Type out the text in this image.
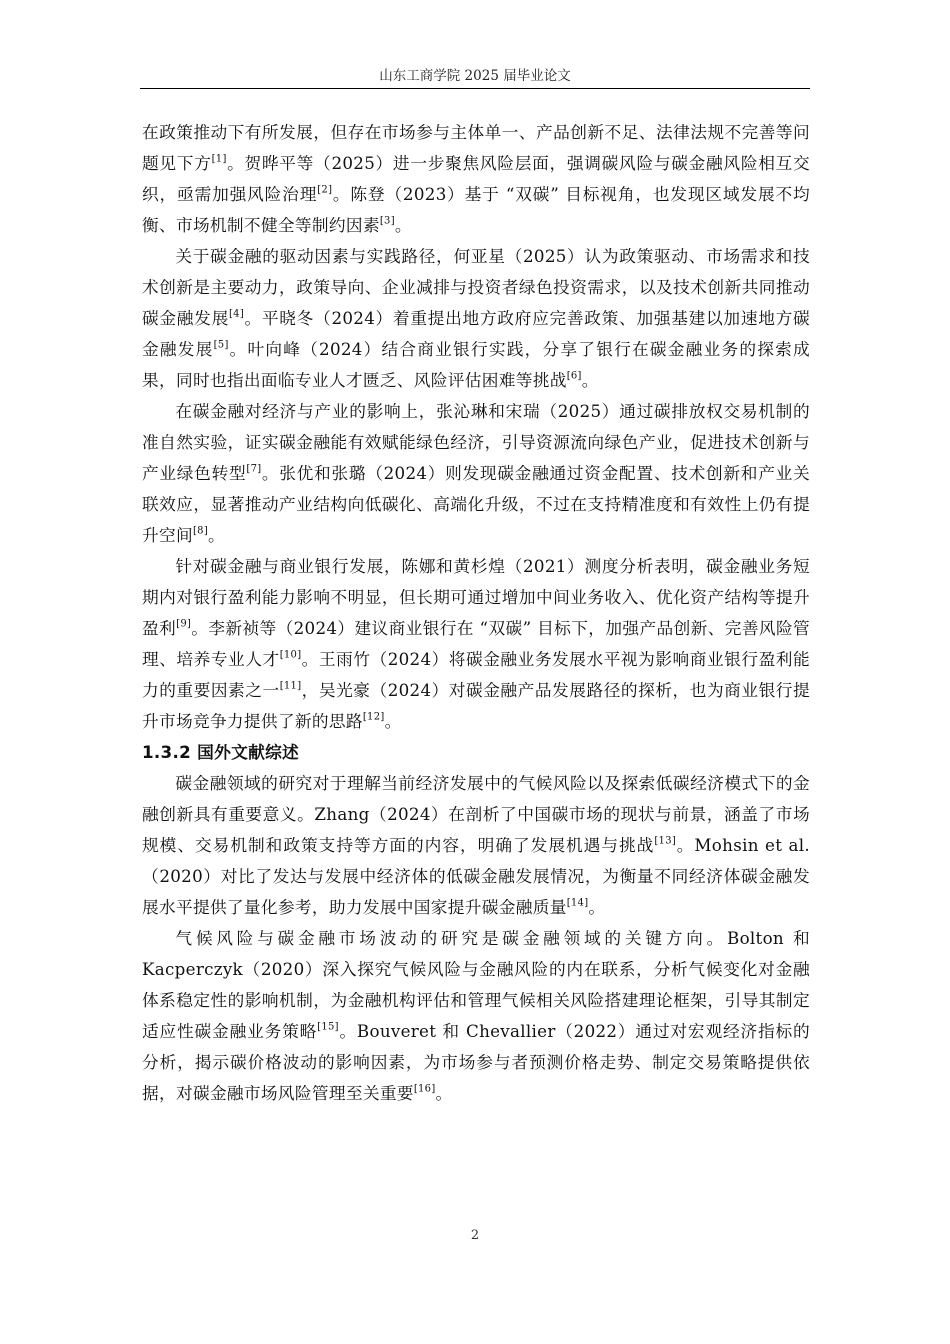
山东工商学院 2025 届毕业论文

在政策推动下有所发展，但存在市场参与主体单一、产品创新不足、法律法规不完善等问题见下方[1]。贺晔平等（2025）进一步聚焦风险层面，强调碳风险与碳金融风险相互交织，亟需加强风险治理[2]。陈登（2023）基于 “双碳” 目标视角，也发现区域发展不均衡、市场机制不健全等制约因素[3]。

关于碳金融的驱动因素与实践路径，何亚星（2025）认为政策驱动、市场需求和技术创新是主要动力，政策导向、企业减排与投资者绿色投资需求，以及技术创新共同推动碳金融发展[4]。平晓冬（2024）着重提出地方政府应完善政策、加强基建以加速地方碳金融发展[5]。叶向峰（2024）结合商业银行实践，分享了银行在碳金融业务的探索成果，同时也指出面临专业人才匮乏、风险评估困难等挑战[6]。

在碳金融对经济与产业的影响上，张沁琳和宋瑞（2025）通过碳排放权交易机制的准自然实验，证实碳金融能有效赋能绿色经济，引导资源流向绿色产业，促进技术创新与产业绿色转型[7]。张优和张璐（2024）则发现碳金融通过资金配置、技术创新和产业关联效应，显著推动产业结构向低碳化、高端化升级，不过在支持精准度和有效性上仍有提升空间[8]。

针对碳金融与商业银行发展，陈娜和黄杉煌（2021）测度分析表明，碳金融业务短期内对银行盈利能力影响不明显，但长期可通过增加中间业务收入、优化资产结构等提升盈利[9]。李新祯等（2024）建议商业银行在 “双碳” 目标下，加强产品创新、完善风险管理、培养专业人才[10]。王雨竹（2024）将碳金融业务发展水平视为影响商业银行盈利能力的重要因素之一[11]，吴光豪（2024）对碳金融产品发展路径的探析，也为商业银行提升市场竞争力提供了新的思路[12]。

1.3.2 国外文献综述

碳金融领域的研究对于理解当前经济发展中的气候风险以及探索低碳经济模式下的金融创新具有重要意义。Zhang（2024）在剖析了中国碳市场的现状与前景，涵盖了市场规模、交易机制和政策支持等方面的内容，明确了发展机遇与挑战[13]。Mohsin et al.（2020）对比了发达与发展中经济体的低碳金融发展情况，为衡量不同经济体碳金融发展水平提供了量化参考，助力发展中国家提升碳金融质量[14]。

气候风险与碳金融市场波动的研究是碳金融领域的关键方向。Bolton 和 Kacperczyk（2020）深入探究气候风险与金融风险的内在联系，分析气候变化对金融体系稳定性的影响机制，为金融机构评估和管理气候相关风险搭建理论框架，引导其制定适应性碳金融业务策略[15]。Bouveret 和 Chevallier（2022）通过对宏观经济指标的分析，揭示碳价格波动的影响因素，为市场参与者预测价格走势、制定交易策略提供依据，对碳金融市场风险管理至关重要[16]。

2
